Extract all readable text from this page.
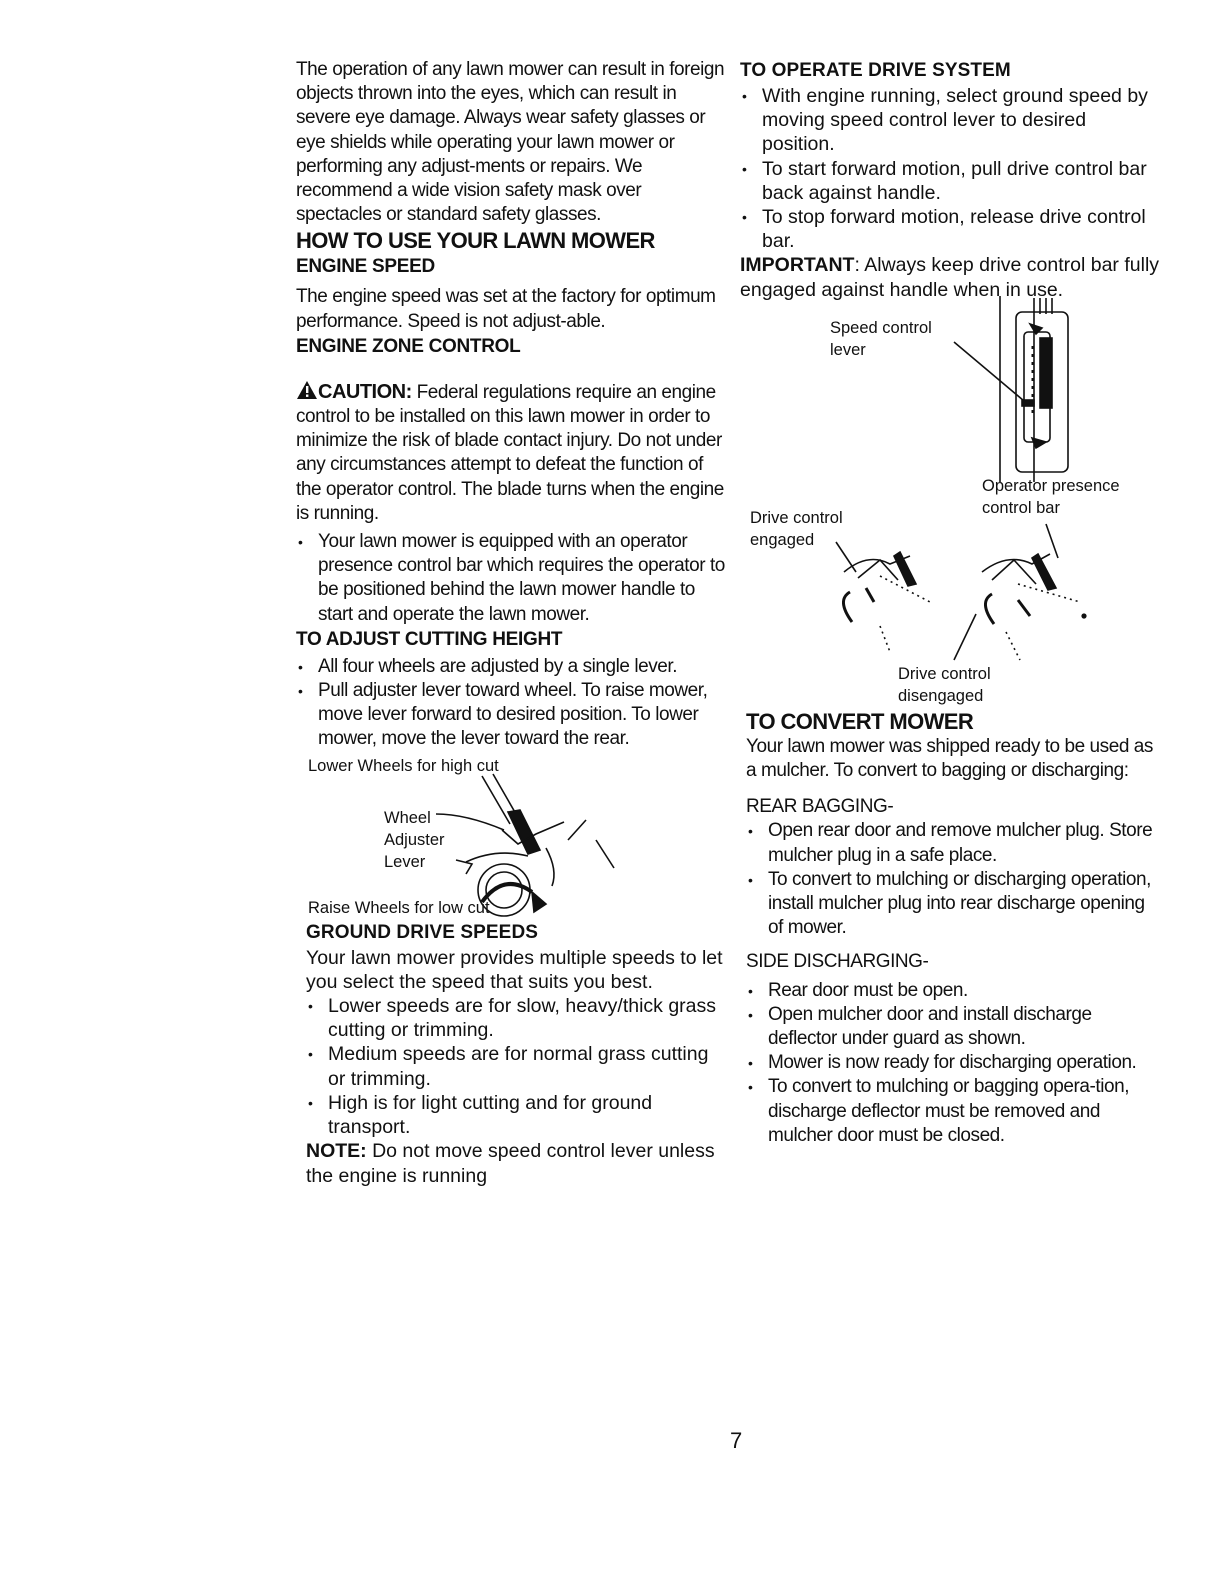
The operation of any lawn mower can result in foreign objects thrown into the eyes, which can result in severe eye damage. Always wear safety glasses or eye shields while operating your lawn mower or performing any adjust-ments or repairs. We recommend a wide vision safety mask over spectacles or standard safety glasses.

HOW TO USE YOUR LAWN MOWER
ENGINE SPEED

The engine speed was set at the factory for optimum performance. Speed is not adjust-able.

ENGINE ZONE CONTROL

CAUTION: Federal regulations require an engine control to be installed on this lawn mower in order to minimize the risk of blade contact injury. Do not under any circumstances attempt to defeat the function of the operator control. The blade turns when the engine is running.

• Your lawn mower is equipped with an operator presence control bar which requires the operator to be positioned behind the lawn mower handle to start and operate the lawn mower.
TO ADJUST CUTTING HEIGHT
• All four wheels are adjusted by a single lever.
• Pull adjuster lever toward wheel. To raise mower, move lever forward to desired position. To lower mower, move the lever toward the rear.
Lower Wheels for high cut
Wheel
Adjuster
Lever
Raise Wheels for low cut
GROUND DRIVE SPEEDS

Your lawn mower provides multiple speeds to let you select the speed that suits you best.

• Lower speeds are for slow, heavy/thick grass cutting or trimming.
• Medium speeds are for normal grass cutting or trimming.
• High is for light cutting and for ground transport.

NOTE: Do not move speed control lever unless the engine is running

TO OPERATE DRIVE SYSTEM
• With engine running, select ground speed by moving speed control lever to desired position.
• To start forward motion, pull drive control bar back against handle.
• To stop forward motion, release drive control bar.

IMPORTANT: Always keep drive control bar fully engaged against handle when in use.

Speed control
lever
Operator presence
control bar
Drive control
engaged
Drive control
disengaged
TO CONVERT MOWER

Your lawn mower was shipped ready to be used as a mulcher. To convert to bagging or discharging:

REAR BAGGING-
• Open rear door and remove mulcher plug. Store mulcher plug in a safe place.
• To convert to mulching or discharging operation, install mulcher plug into rear discharge opening of mower.
SIDE DISCHARGING-
• Rear door must be open.
• Open mulcher door and install discharge deflector under guard as shown.
• Mower is now ready for discharging operation.
• To convert to mulching or bagging opera-tion, discharge deflector must be removed and mulcher door must be closed.
7
